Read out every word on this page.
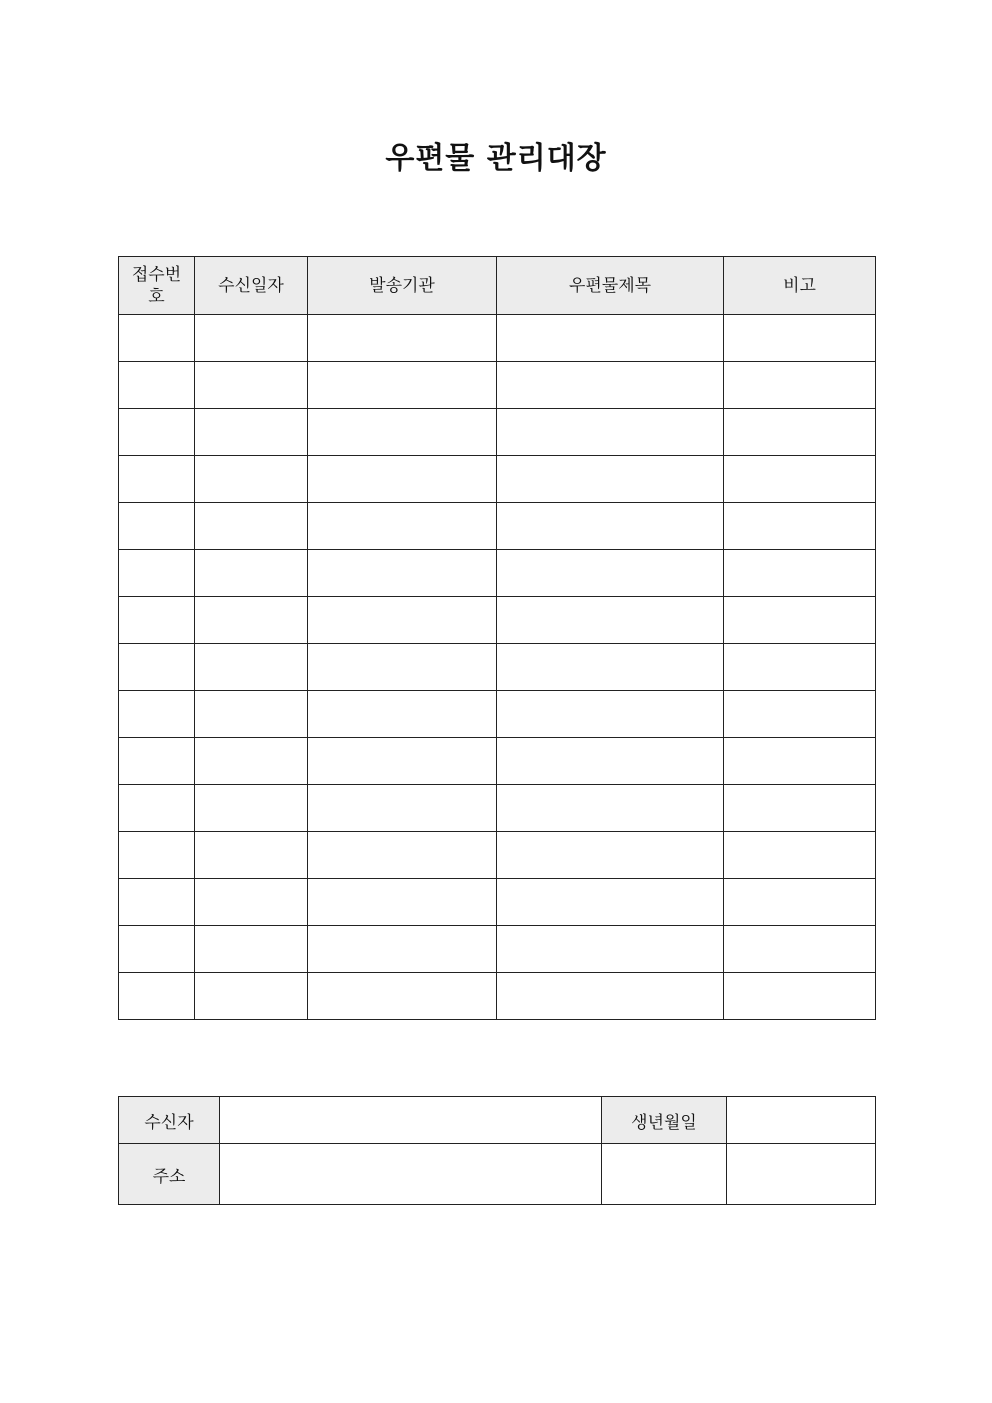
우편물 관리대장
접수번호	수신일자	발송기관	우편물제목	비고

수신자		생년월일	
주소			
